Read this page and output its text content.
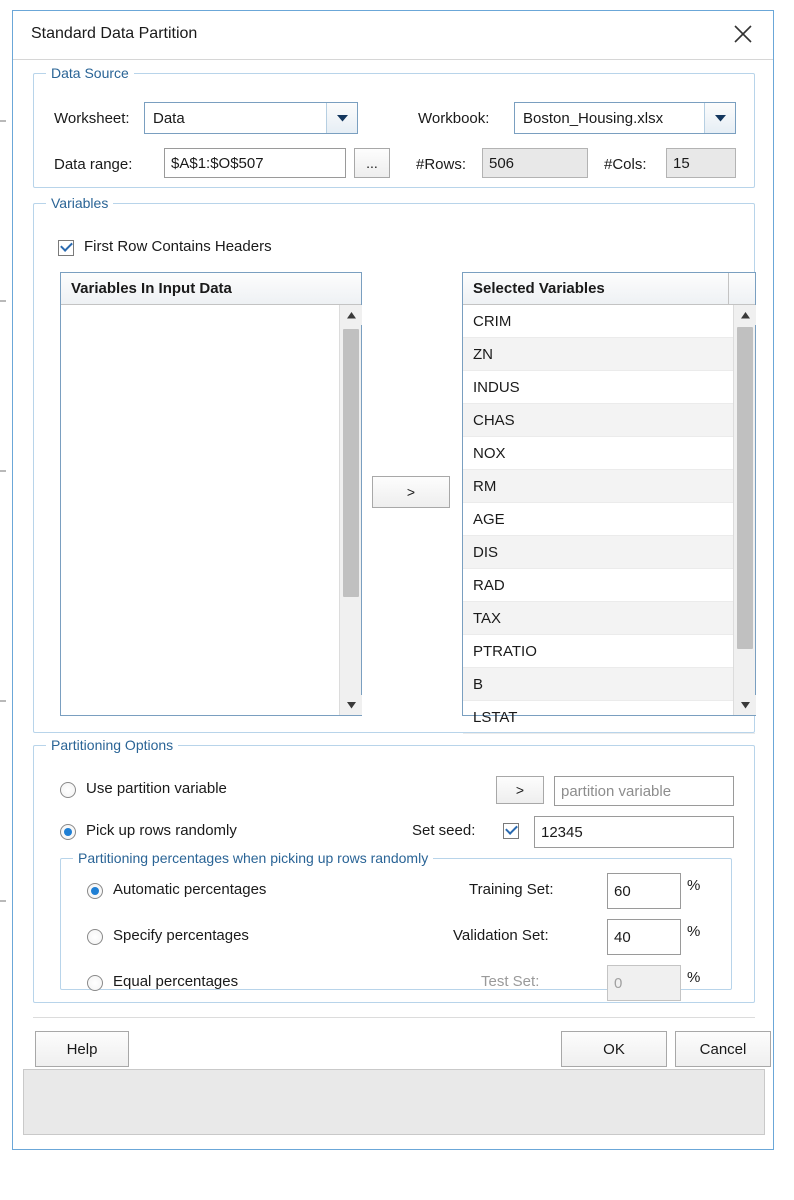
Standard Data Partition
Data Source
Worksheet:	Data	Workbook:	Boston_Housing.xlsx
Data range:	$A$1:$O$507	...	#Rows:	506	#Cols:	15
Variables
First Row Contains Headers
Variables In Input Data
>
Selected Variables
CRIM
ZN
INDUS
CHAS
NOX
RM
AGE
DIS
RAD
TAX
PTRATIO
B
LSTAT
Partitioning Options
Use partition variable	>	partition variable
Pick up rows randomly	Set seed:	12345
Partitioning percentages when picking up rows randomly
Automatic percentages	Training Set:	60	%
Specify percentages	Validation Set:	40	%
Equal percentages	Test Set:	0	%
Help	OK	Cancel
